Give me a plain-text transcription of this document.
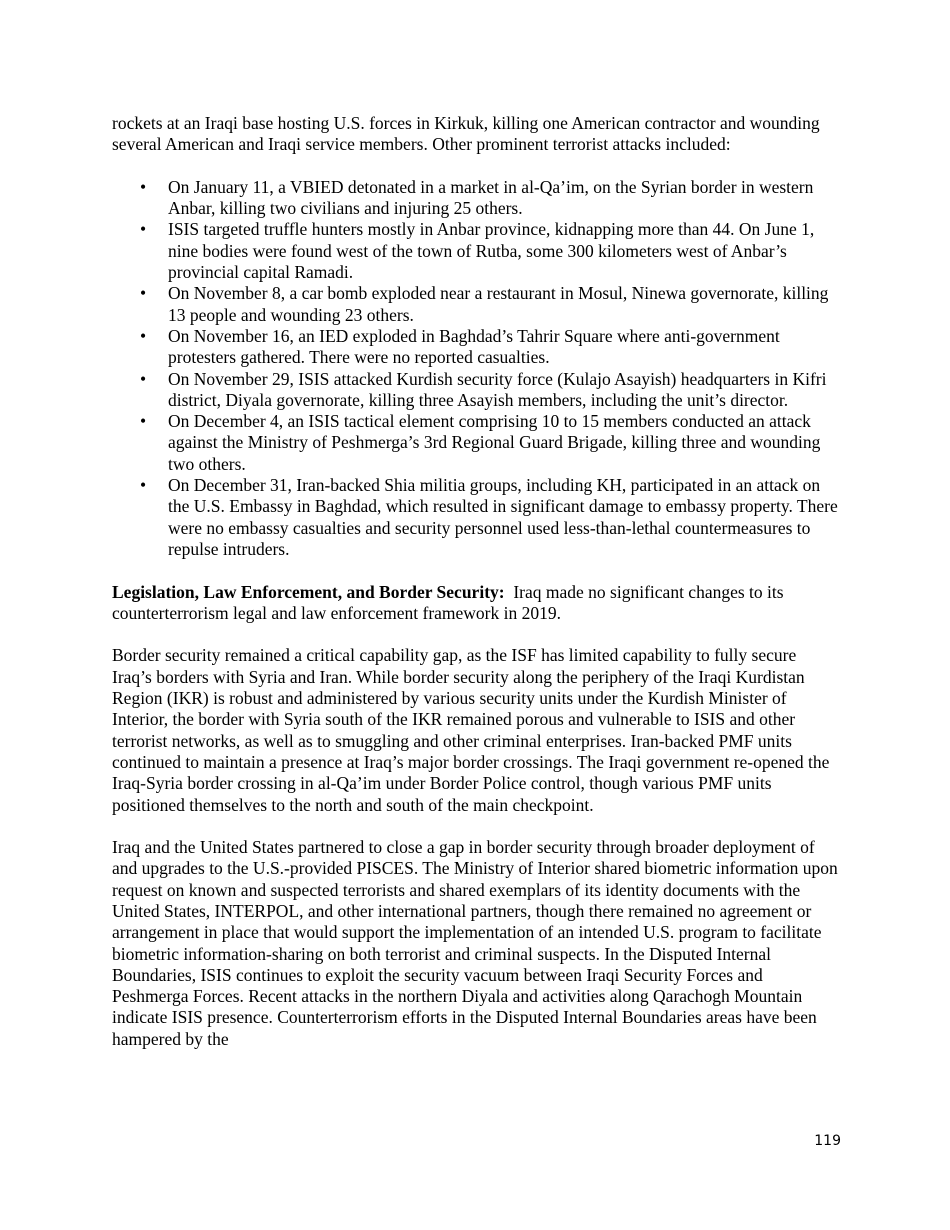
rockets at an Iraqi base hosting U.S. forces in Kirkuk, killing one American contractor and wounding several American and Iraqi service members. Other prominent terrorist attacks included:

• On January 11, a VBIED detonated in a market in al-Qa’im, on the Syrian border in western Anbar, killing two civilians and injuring 25 others.
• ISIS targeted truffle hunters mostly in Anbar province, kidnapping more than 44. On June 1, nine bodies were found west of the town of Rutba, some 300 kilometers west of Anbar’s provincial capital Ramadi.
• On November 8, a car bomb exploded near a restaurant in Mosul, Ninewa governorate, killing 13 people and wounding 23 others.
• On November 16, an IED exploded in Baghdad’s Tahrir Square where anti-government protesters gathered. There were no reported casualties.
• On November 29, ISIS attacked Kurdish security force (Kulajo Asayish) headquarters in Kifri district, Diyala governorate, killing three Asayish members, including the unit’s director.
• On December 4, an ISIS tactical element comprising 10 to 15 members conducted an attack against the Ministry of Peshmerga’s 3rd Regional Guard Brigade, killing three and wounding two others.
• On December 31, Iran-backed Shia militia groups, including KH, participated in an attack on the U.S. Embassy in Baghdad, which resulted in significant damage to embassy property. There were no embassy casualties and security personnel used less-than-lethal countermeasures to repulse intruders.

Legislation, Law Enforcement, and Border Security:  Iraq made no significant changes to its counterterrorism legal and law enforcement framework in 2019.

Border security remained a critical capability gap, as the ISF has limited capability to fully secure Iraq’s borders with Syria and Iran. While border security along the periphery of the Iraqi Kurdistan Region (IKR) is robust and administered by various security units under the Kurdish Minister of Interior, the border with Syria south of the IKR remained porous and vulnerable to ISIS and other terrorist networks, as well as to smuggling and other criminal enterprises. Iran-backed PMF units continued to maintain a presence at Iraq’s major border crossings. The Iraqi government re-opened the Iraq-Syria border crossing in al-Qa’im under Border Police control, though various PMF units positioned themselves to the north and south of the main checkpoint.

Iraq and the United States partnered to close a gap in border security through broader deployment of and upgrades to the U.S.-provided PISCES. The Ministry of Interior shared biometric information upon request on known and suspected terrorists and shared exemplars of its identity documents with the United States, INTERPOL, and other international partners, though there remained no agreement or arrangement in place that would support the implementation of an intended U.S. program to facilitate biometric information-sharing on both terrorist and criminal suspects. In the Disputed Internal Boundaries, ISIS continues to exploit the security vacuum between Iraqi Security Forces and Peshmerga Forces. Recent attacks in the northern Diyala and activities along Qarachogh Mountain indicate ISIS presence. Counterterrorism efforts in the Disputed Internal Boundaries areas have been hampered by the

119
